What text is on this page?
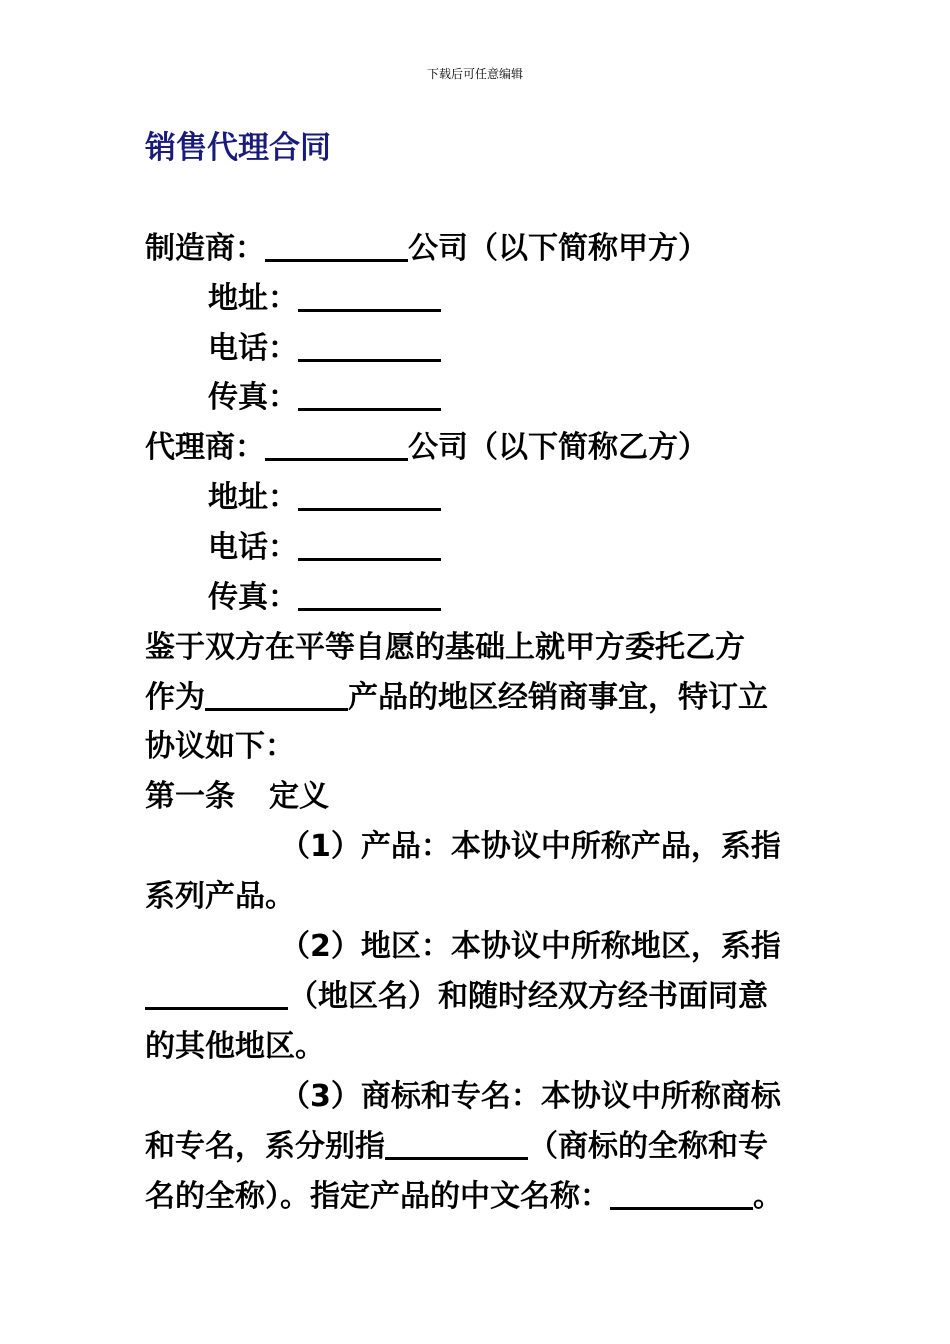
下载后可任意编辑
销售代理合同
制造商：	公司（以下简称甲方）
地址：
电话：
传真：
代理商：	公司（以下简称乙方）
地址：
电话：
传真：
鉴于双方在平等自愿的基础上就甲方委托乙方
作为	产品的地区经销商事宜，特订立
协议如下：
第一条 定义
（1）产品：本协议中所称产品，系指
系列产品。
（2）地区：本协议中所称地区，系指
（地区名）和随时经双方经书面同意
的其他地区。
（3）商标和专名：本协议中所称商标
和专名，系分别指	（商标的全称和专
名的全称）。指定产品的中文名称：	。
